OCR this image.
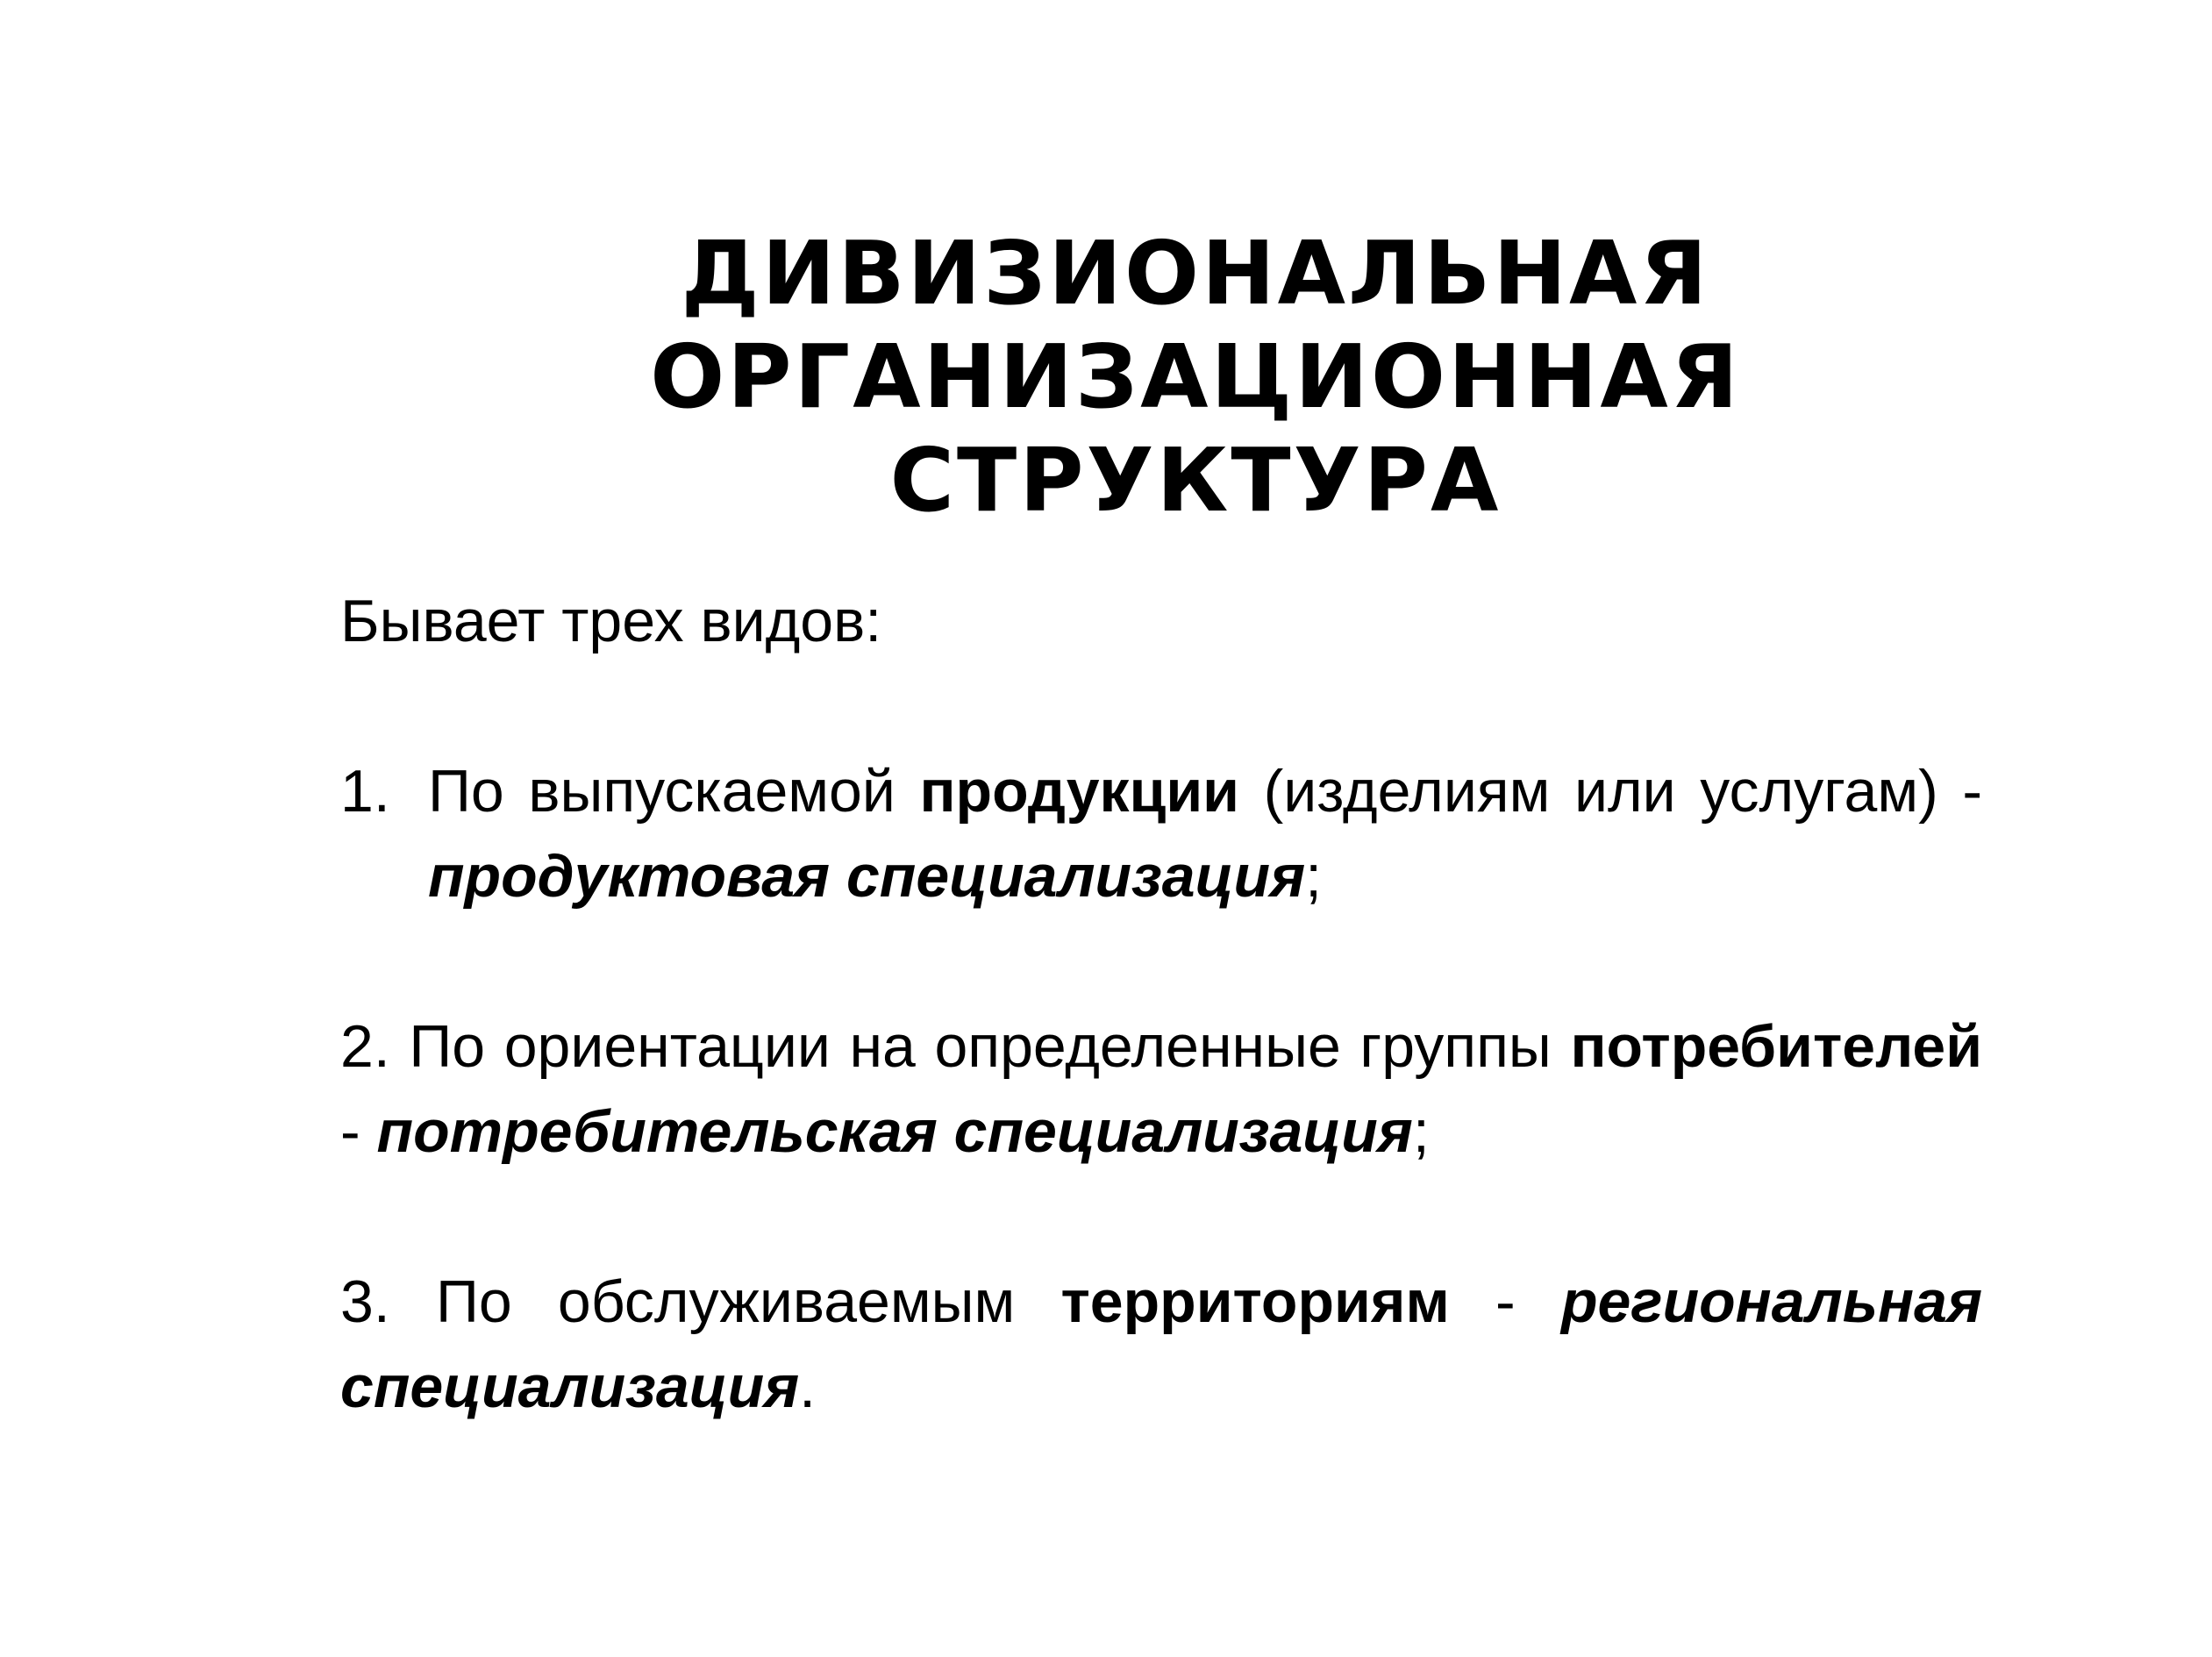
ДИВИЗИОНАЛЬНАЯ
ОРГАНИЗАЦИОННАЯ СТРУКТУРА

Бывает трех видов:

1. По выпускаемой продукции (изделиям или услугам) - продуктовая специализация;

2. По ориентации на определенные группы потребителей - потребительская специализация;

3. По обслуживаемым территориям - региональная специализация.
